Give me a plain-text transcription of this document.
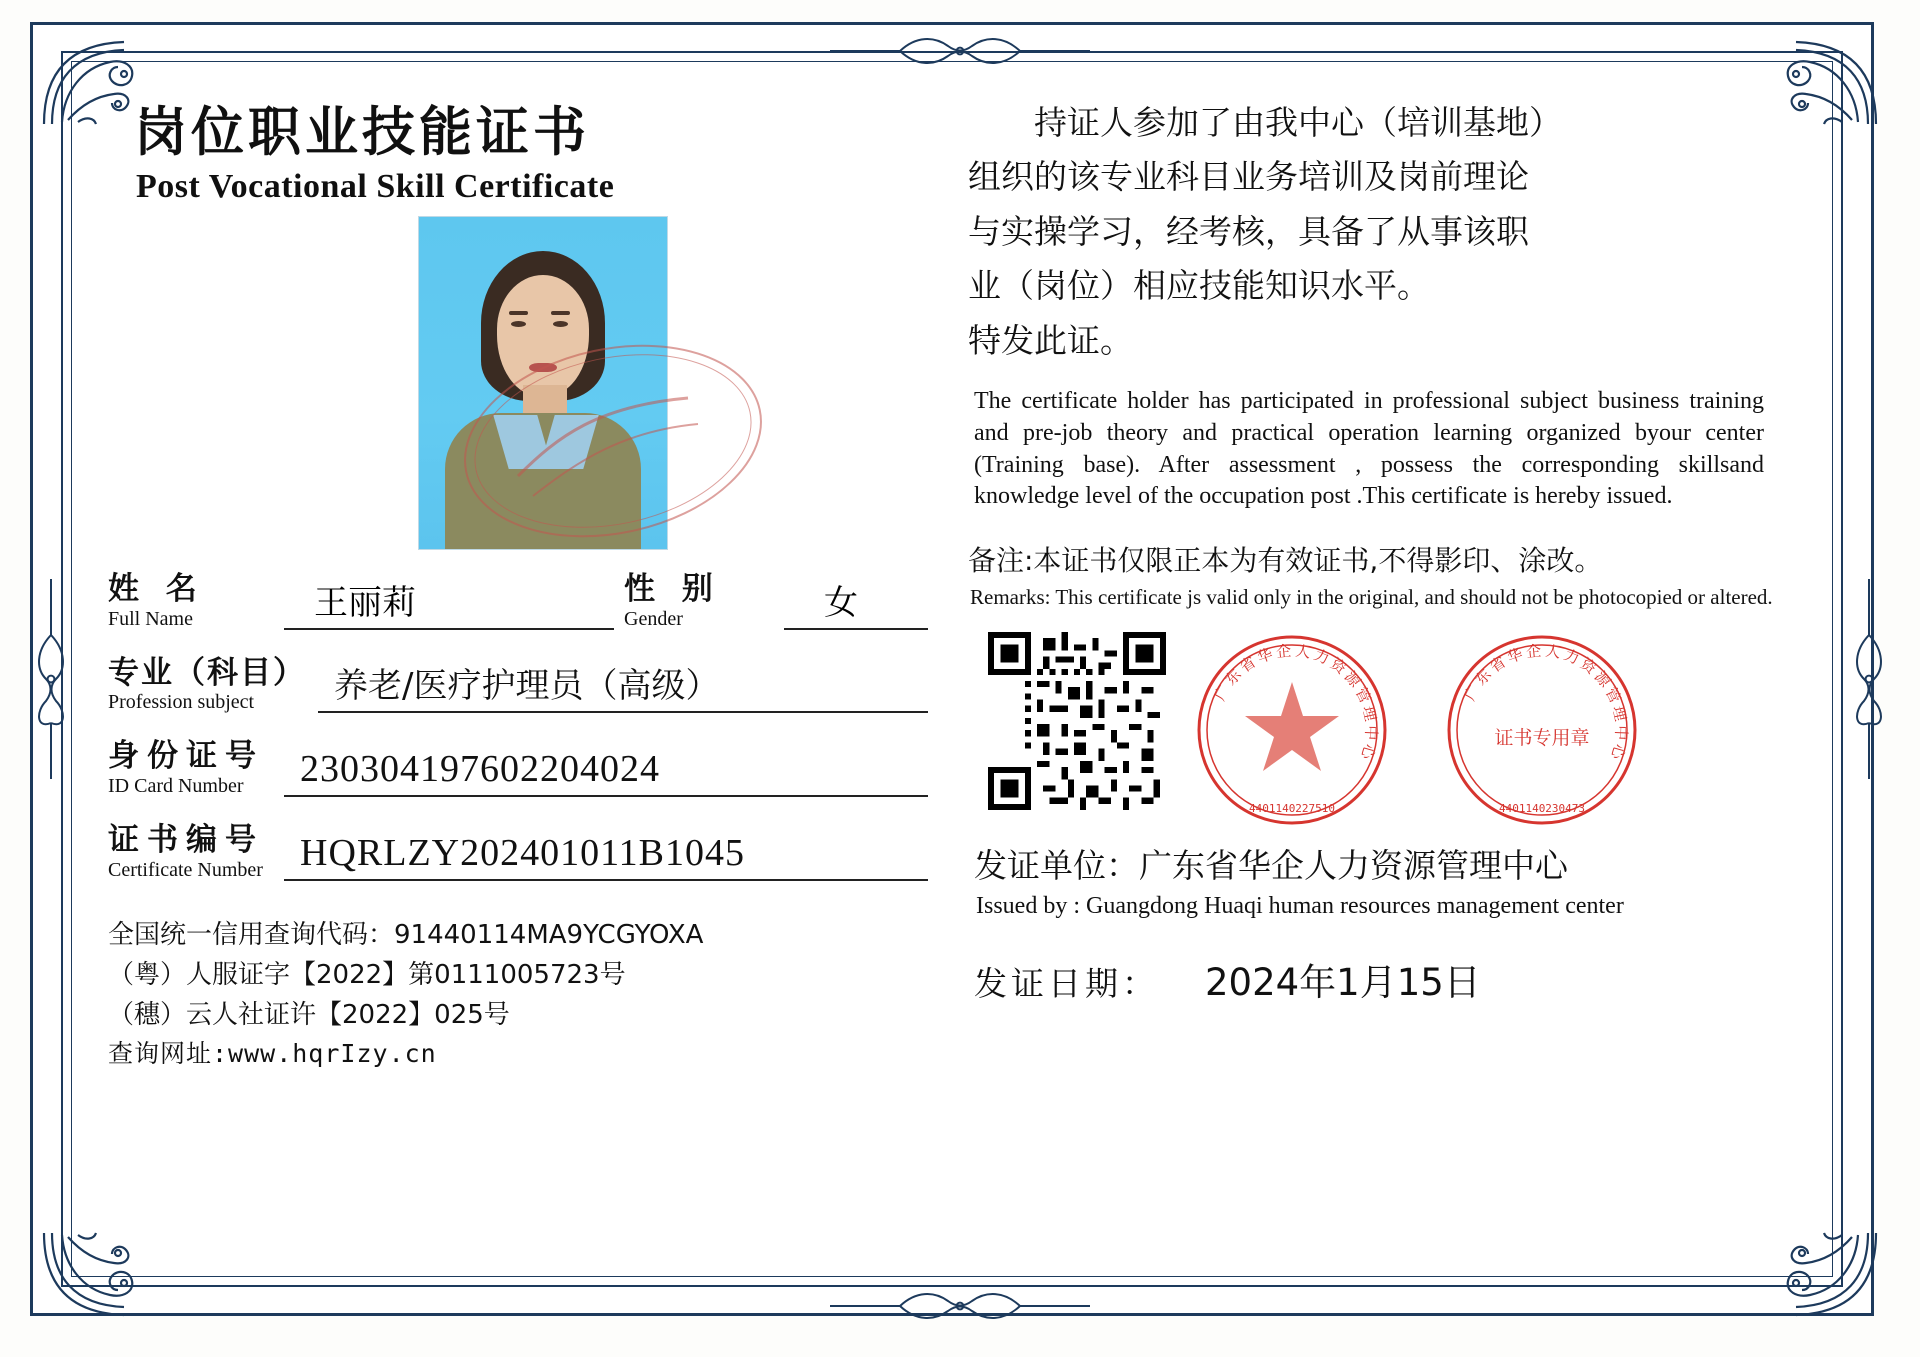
岗位职业技能证书
Post Vocational Skill Certificate
姓 名
Full Name	王丽莉	性 别
Gender	女
专业（科目）
Profession subject	养老/医疗护理员（高级）
身份证号
ID Card Number	230304197602204024
证书编号
Certificate Number HQRLZY202401011B1045
全国统一信用查询代码：91440114MA9YCGYOXA
（粤）人服证字【2022】第0111005723号
（穗）云人社证许【2022】025号
查询网址:www.hqrIzy.cn
持证人参加了由我中心（培训基地）
组织的该专业科目业务培训及岗前理论
与实操学习，经考核，具备了从事该职
业（岗位）相应技能知识水平。
特发此证。
The certificate holder has participated in professional subject business training and pre-job theory and practical operation learning organized byour center (Training base). After assessment , possess the corresponding skillsand knowledge level of the occupation post .This certificate is hereby issued.
备注:本证书仅限正本为有效证书,不得影印、涂改。
Remarks: This certificate js valid only in the original, and should not be photocopied or altered.
广
东
省
华 企 人 力
资
源
管
理
中
心
4401140227510
广
东
省
华 企 人 力
资
源
管
理
中
心
证书专用章
4401140230473
发证单位：广东省华企人力资源管理中心
Issued by : Guangdong Huaqi human resources management center
发证日期： 2024年1月15日
